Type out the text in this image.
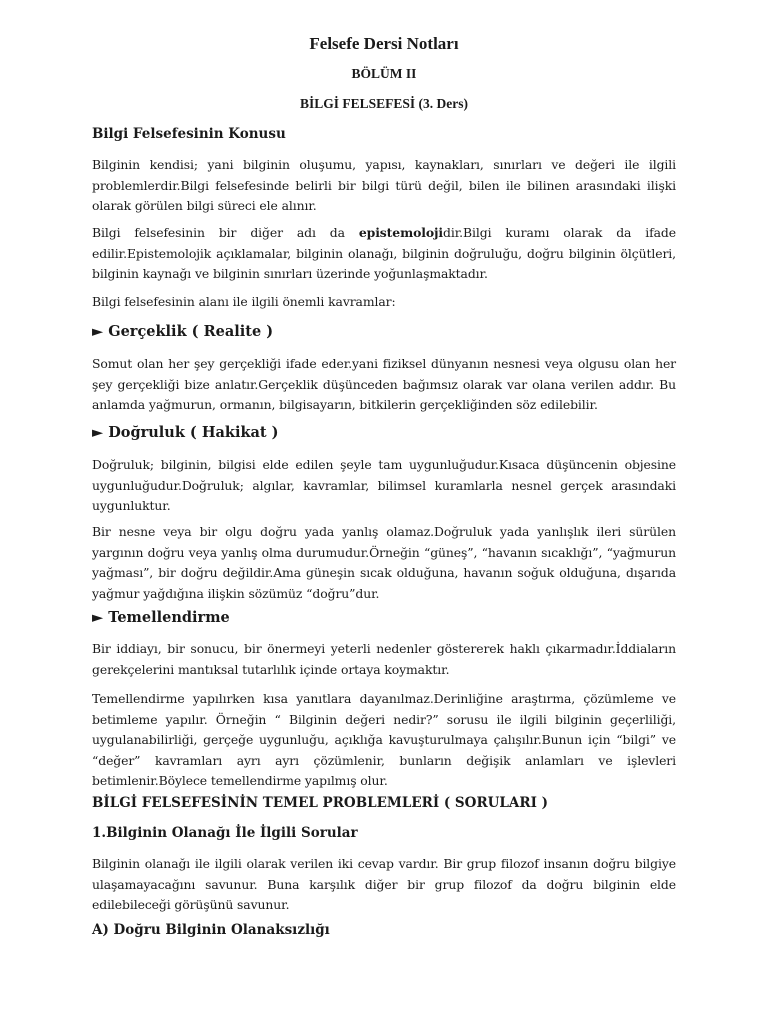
Felsefe Dersi Notları
BÖLÜM II
BİLGİ FELSEFESİ (3. Ders)
Bilgi Felsefesinin Konusu
Bilginin kendisi; yani bilginin oluşumu, yapısı, kaynakları, sınırları ve değeri ile ilgili problemlerdir.Bilgi felsefesinde belirli bir bilgi türü değil, bilen ile bilinen arasındaki ilişki olarak görülen bilgi süreci ele alınır.
Bilgi felsefesinin bir diğer adı da epistemolojidir.Bilgi kuramı olarak da ifade edilir.Epistemolojik açıklamalar, bilginin olanağı, bilginin doğruluğu, doğru bilginin ölçütleri, bilginin kaynağı ve bilginin sınırları üzerinde yoğunlaşmaktadır.
Bilgi felsefesinin alanı ile ilgili önemli kavramlar:
► Gerçeklik ( Realite )
Somut olan her şey gerçekliği ifade eder.yani fiziksel dünyanın nesnesi veya olgusu olan her şey gerçekliği bize anlatır.Gerçeklik düşünceden bağımsız olarak var olana verilen addır. Bu anlamda yağmurun, ormanın, bilgisayarın, bitkilerin gerçekliğinden söz edilebilir.
► Doğruluk ( Hakikat )
Doğruluk; bilginin, bilgisi elde edilen şeyle tam uygunluğudur.Kısaca düşüncenin objesine uygunluğudur.Doğruluk; algılar, kavramlar, bilimsel kuramlarla nesnel gerçek arasındaki uygunluktur.
Bir nesne veya bir olgu doğru yada yanlış olamaz.Doğruluk yada yanlışlık ileri sürülen yargının doğru veya yanlış olma durumudur.Örneğin “güneş”, “havanın sıcaklığı”, “yağmurun yağması”, bir doğru değildir.Ama güneşin sıcak olduğuna, havanın soğuk olduğuna, dışarıda yağmur yağdığına ilişkin sözümüz “doğru”dur.
► Temellendirme
Bir iddiayı, bir sonucu, bir önermeyi yeterli nedenler göstererek haklı çıkarmadır.İddiaların gerekçelerini mantıksal tutarlılık içinde ortaya koymaktır.
Temellendirme yapılırken kısa yanıtlara dayanılmaz.Derinliğine araştırma, çözümleme ve betimleme yapılır. Örneğin “ Bilginin değeri nedir?” sorusu ile ilgili bilginin geçerliliği, uygulanabilirliği, gerçeğe uygunluğu, açıklığa kavuşturulmaya çalışılır.Bunun için “bilgi” ve “değer” kavramları ayrı ayrı çözümlenir, bunların değişik anlamları ve işlevleri betimlenir.Böylece temellendirme yapılmış olur.
BİLGİ FELSEFESİNİN TEMEL PROBLEMLERİ ( SORULARI )
1.Bilginin Olanağı İle İlgili Sorular
Bilginin olanağı ile ilgili olarak verilen iki cevap vardır. Bir grup filozof insanın doğru bilgiye ulaşamayacağını savunur. Buna karşılık diğer bir grup filozof da doğru bilginin elde edilebileceği görüşünü savunur.
A) Doğru Bilginin Olanaksızlığı
